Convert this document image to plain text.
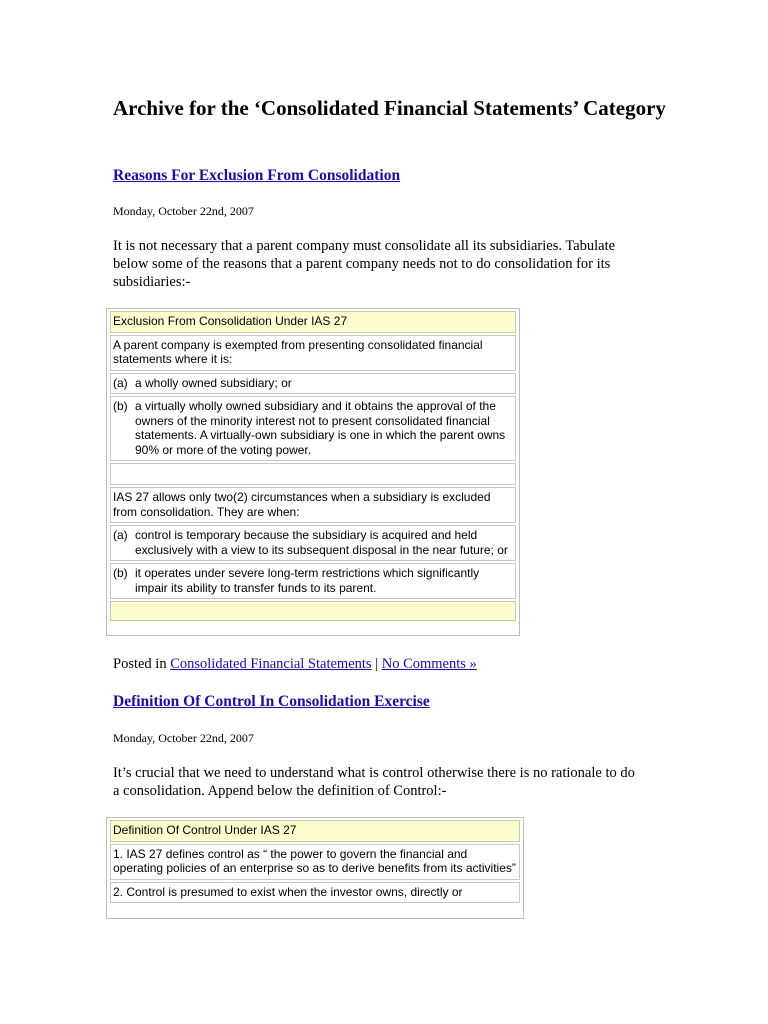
Archive for the ‘Consolidated Financial Statements’ Category
Reasons For Exclusion From Consolidation
Monday, October 22nd, 2007

It is not necessary that a parent company must consolidate all its subsidiaries. Tabulate below some of the reasons that a parent company needs not to do consolidation for its subsidiaries:-

Exclusion From Consolidation Under IAS 27
A parent company is exempted from presenting consolidated financial statements where it is:
(a) a wholly owned subsidiary; or
(b) a virtually wholly owned subsidiary and it obtains the approval of the owners of the minority interest not to present consolidated financial statements. A virtually-own subsidiary is one in which the parent owns 90% or more of the voting power.
IAS 27 allows only two(2) circumstances when a subsidiary is excluded from consolidation. They are when:
(a) control is temporary because the subsidiary is acquired and held exclusively with a view to its subsequent disposal in the near future; or
(b) it operates under severe long-term restrictions which significantly impair its ability to transfer funds to its parent.
Posted in Consolidated Financial Statements | No Comments »
Definition Of Control In Consolidation Exercise
Monday, October 22nd, 2007

It’s crucial that we need to understand what is control otherwise there is no rationale to do a consolidation. Append below the definition of Control:-

Definition Of Control Under IAS 27
1. IAS 27 defines control as “ the power to govern the financial and operating policies of an enterprise so as to derive benefits from its activities”
2. Control is presumed to exist when the investor owns, directly or
